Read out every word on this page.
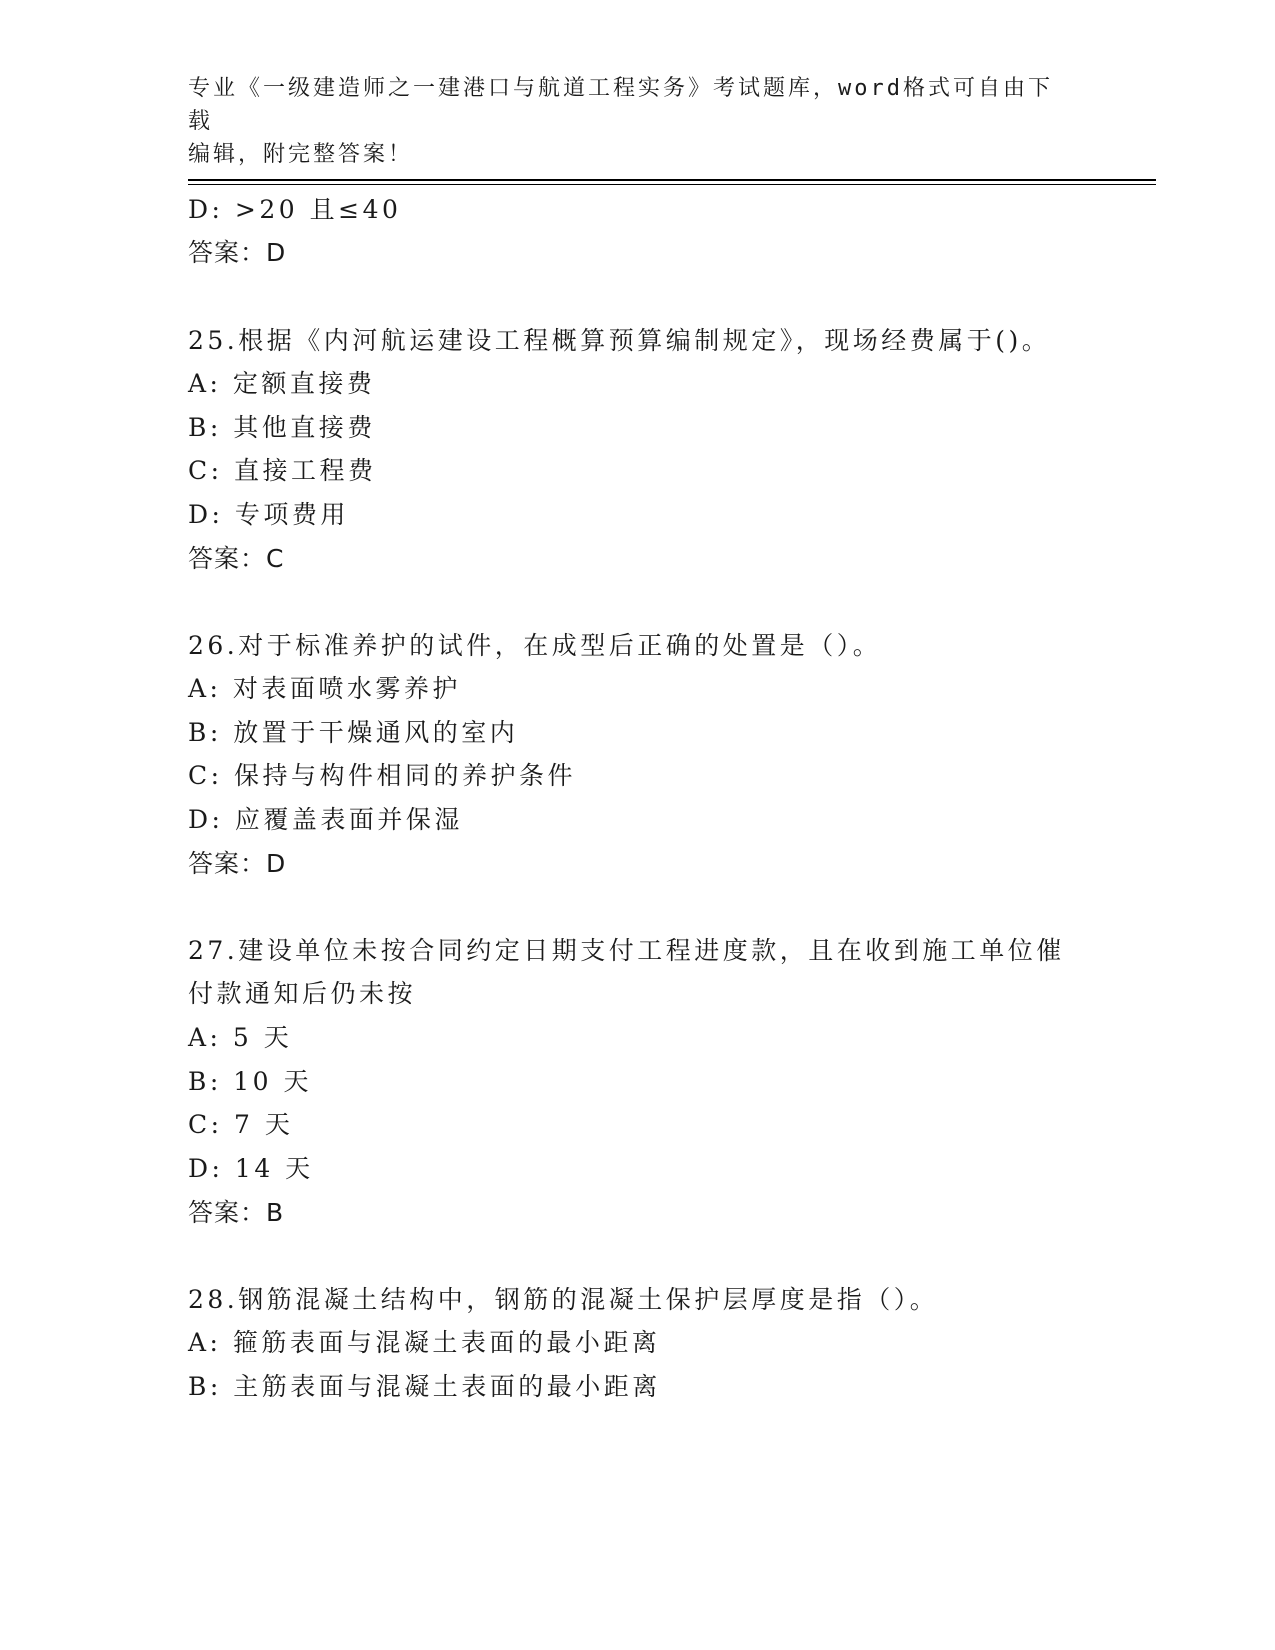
专业《一级建造师之一建港口与航道工程实务》考试题库，word格式可自由下载
编辑，附完整答案！
D: >20 且≤40
答案：D
25.根据《内河航运建设工程概算预算编制规定》，现场经费属于()。
A: 定额直接费
B: 其他直接费
C: 直接工程费
D: 专项费用
答案：C
26.对于标准养护的试件，在成型后正确的处置是（）。
A: 对表面喷水雾养护
B: 放置于干燥通风的室内
C: 保持与构件相同的养护条件
D: 应覆盖表面并保湿
答案：D
27.建设单位未按合同约定日期支付工程进度款，且在收到施工单位催
付款通知后仍未按
A: 5 天
B: 10 天
C: 7 天
D: 14 天
答案：B
28.钢筋混凝土结构中，钢筋的混凝土保护层厚度是指（）。
A: 箍筋表面与混凝土表面的最小距离
B: 主筋表面与混凝土表面的最小距离
